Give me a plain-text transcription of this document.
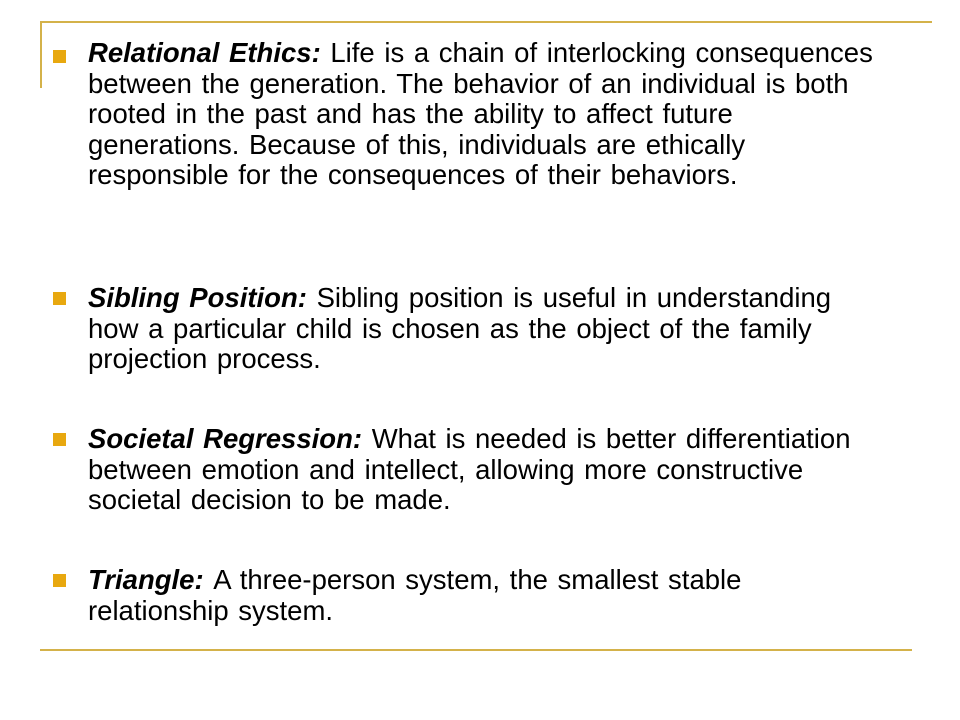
Relational Ethics: Life is a chain of interlocking consequences between the generation. The behavior of an individual is both rooted in the past and has the ability to affect future generations. Because of this, individuals are ethically responsible for the consequences of their behaviors.
Sibling Position: Sibling position is useful in understanding how a particular child is chosen as the object of the family projection process.
Societal Regression: What is needed is better differentiation between emotion and intellect, allowing more constructive societal decision to be made.
Triangle: A three-person system, the smallest stable relationship system.
